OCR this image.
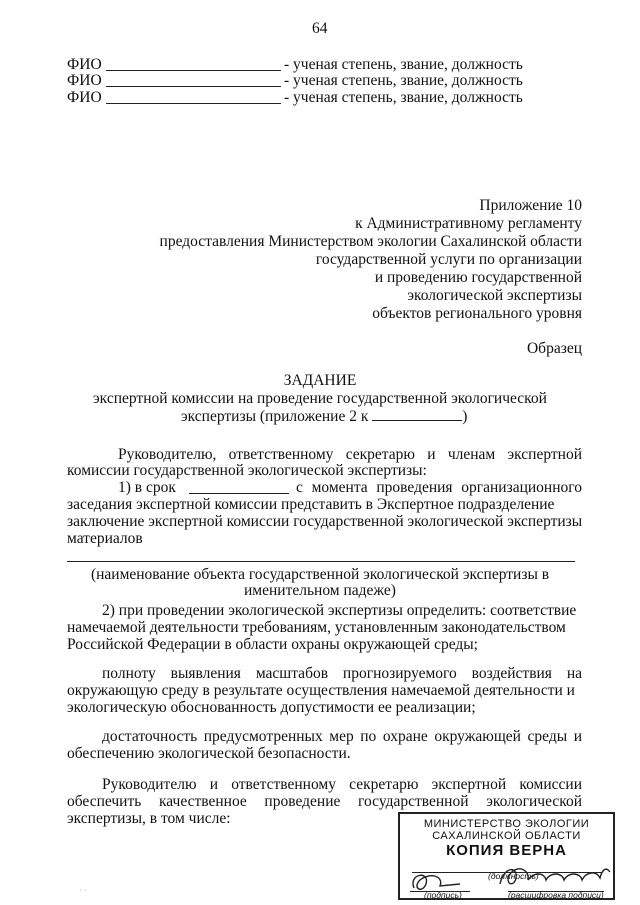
64
ФИО	- ученая степень, звание, должность
ФИО	- ученая степень, звание, должность
ФИО	- ученая степень, звание, должность
Приложение 10
к Административному регламенту
предоставления Министерством экологии Сахалинской области
государственной услуги по организации
и проведению государственной
экологической экспертизы
объектов регионального уровня
Образец
ЗАДАНИЕ
экспертной комиссии на проведение государственной экологической
экспертизы (приложение 2 к	)
Руководителю, ответственному секретарю и членам экспертной
комиссии государственной экологической экспертизы:
1) в срок	с момента проведения организационного
заседания экспертной комиссии представить в Экспертное подразделение
заключение экспертной комиссии государственной экологической экспертизы
материалов
(наименование объекта государственной экологической экспертизы в
именительном падеже)
2) при проведении экологической экспертизы определить: соответствие
намечаемой деятельности требованиям, установленным законодательством
Российской Федерации в области охраны окружающей среды;
полноту выявления масштабов прогнозируемого воздействия на
окружающую среду в результате осуществления намечаемой деятельности и
экологическую обоснованность допустимости ее реализации;
достаточность предусмотренных мер по охране окружающей среды и
обеспечению экологической безопасности.
Руководителю и ответственному секретарю экспертной комиссии
обеспечить качественное проведение государственной экологической
экспертизы, в том числе:	МИНИСТЕРСТВО ЭКОЛОГИИ
САХАЛИНСКОЙ ОБЛАСТИ
КОПИЯ ВЕРНА
(должность)
(подпись)	(расшифровка подписи)
· ·
